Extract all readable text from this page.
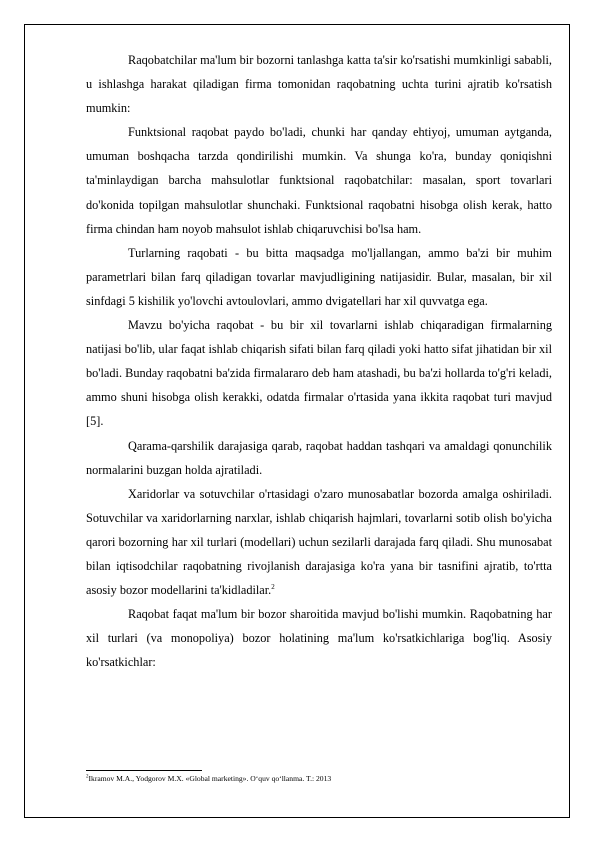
Raqobatchilar ma'lum bir bozorni tanlashga katta ta'sir ko'rsatishi mumkinligi sababli, u ishlashga harakat qiladigan firma tomonidan raqobatning uchta turini ajratib ko'rsatish mumkin:

Funktsional raqobat paydo bo'ladi, chunki har qanday ehtiyoj, umuman aytganda, umuman boshqacha tarzda qondirilishi mumkin. Va shunga ko'ra, bunday qoniqishni ta'minlaydigan barcha mahsulotlar funktsional raqobatchilar: masalan, sport tovarlari do'konida topilgan mahsulotlar shunchaki. Funktsional raqobatni hisobga olish kerak, hatto firma chindan ham noyob mahsulot ishlab chiqaruvchisi bo'lsa ham.

Turlarning raqobati - bu bitta maqsadga mo'ljallangan, ammo ba'zi bir muhim parametrlari bilan farq qiladigan tovarlar mavjudligining natijasidir. Bular, masalan, bir xil sinfdagi 5 kishilik yo'lovchi avtoulovlari, ammo dvigatellari har xil quvvatga ega.

Mavzu bo'yicha raqobat - bu bir xil tovarlarni ishlab chiqaradigan firmalarning natijasi bo'lib, ular faqat ishlab chiqarish sifati bilan farq qiladi yoki hatto sifat jihatidan bir xil bo'ladi. Bunday raqobatni ba'zida firmalararo deb ham atashadi, bu ba'zi hollarda to'g'ri keladi, ammo shuni hisobga olish kerakki, odatda firmalar o'rtasida yana ikkita raqobat turi mavjud [5].

Qarama-qarshilik darajasiga qarab, raqobat haddan tashqari va amaldagi qonunchilik normalarini buzgan holda ajratiladi.

Xaridorlar va sotuvchilar o'rtasidagi o'zaro munosabatlar bozorda amalga oshiriladi. Sotuvchilar va xaridorlarning narxlar, ishlab chiqarish hajmlari, tovarlarni sotib olish bo'yicha qarori bozorning har xil turlari (modellari) uchun sezilarli darajada farq qiladi. Shu munosabat bilan iqtisodchilar raqobatning rivojlanish darajasiga ko'ra yana bir tasnifini ajratib, to'rtta asosiy bozor modellarini ta'kidladilar.$^2$

Raqobat faqat ma'lum bir bozor sharoitida mavjud bo'lishi mumkin. Raqobatning har xil turlari (va monopoliya) bozor holatining ma'lum ko'rsatkichlariga bog'liq. Asosiy ko'rsatkichlar:

$^2$Ikramov M.A., Yodgorov M.X. «Global marketing». O‘quv qo‘llanma. T.: 2013
